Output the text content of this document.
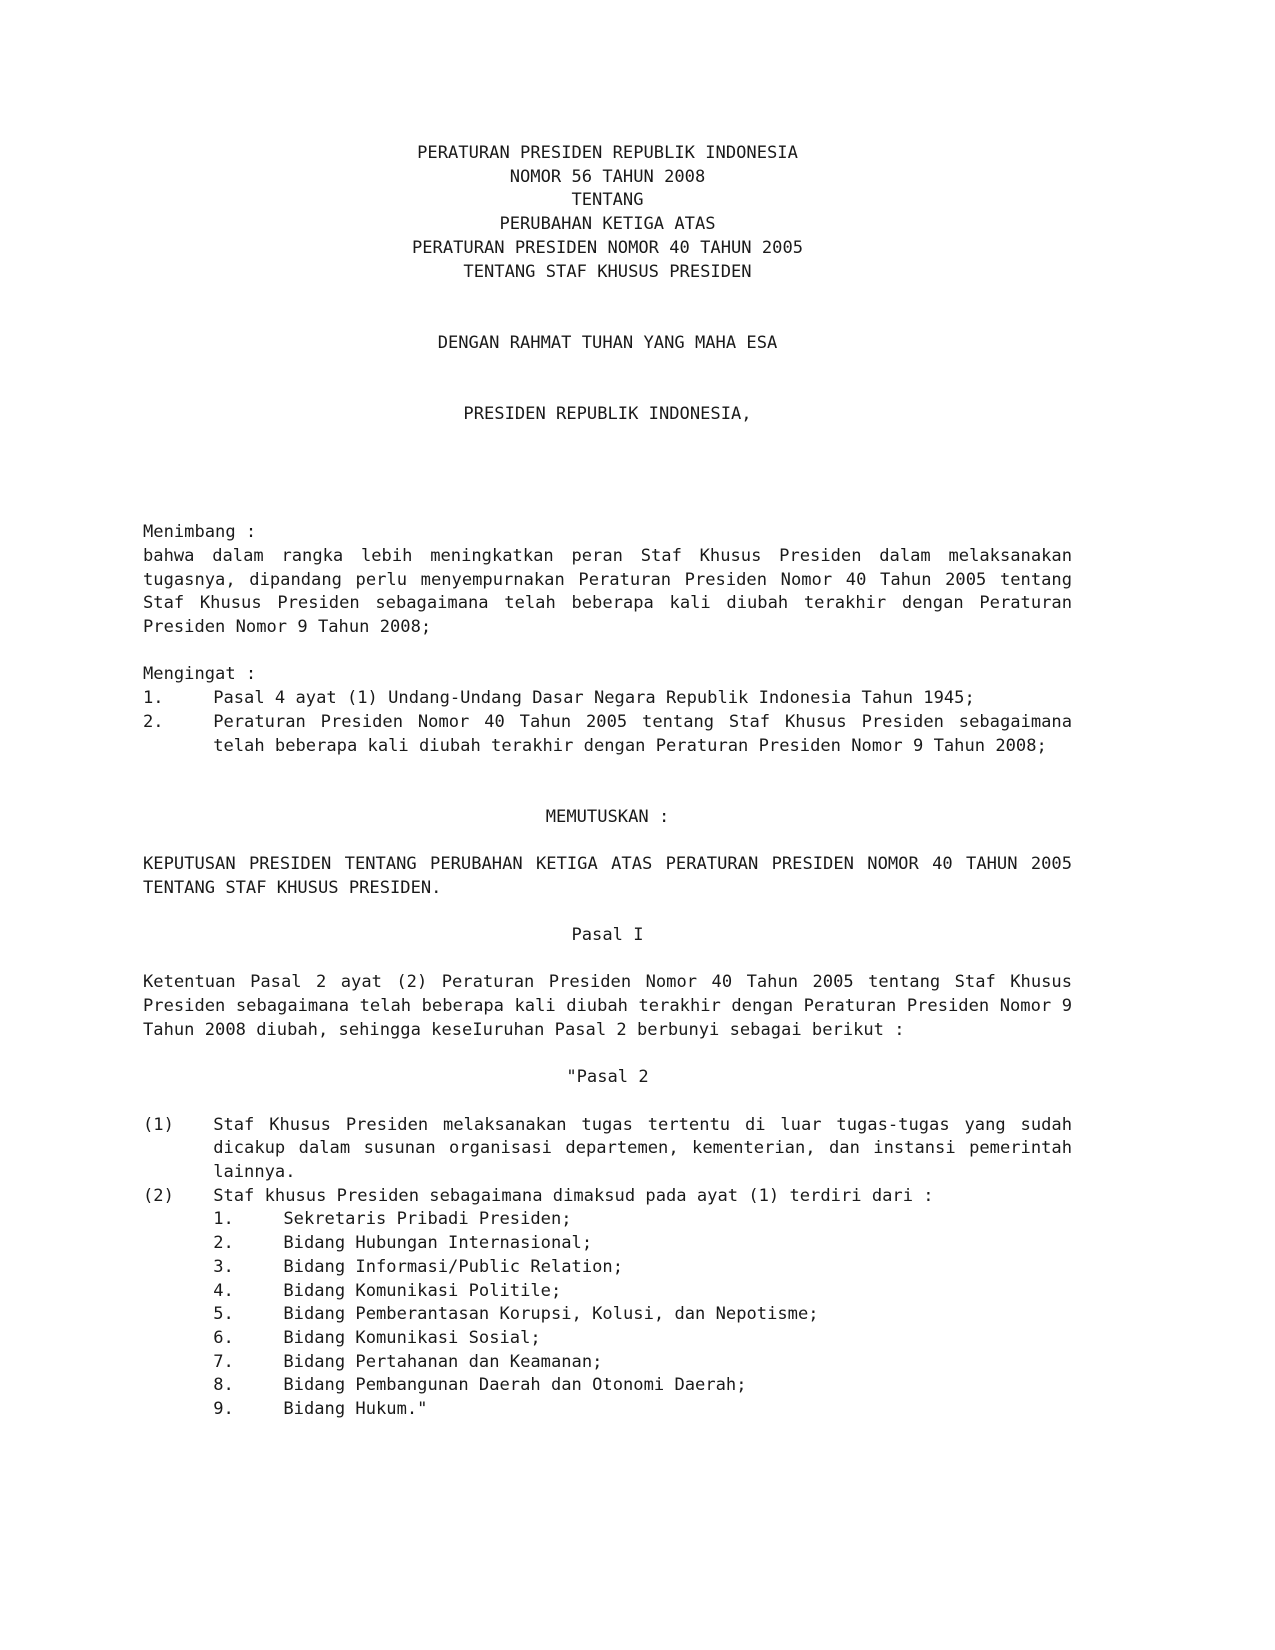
PERATURAN PRESIDEN REPUBLIK INDONESIA
NOMOR 56 TAHUN 2008
TENTANG
PERUBAHAN KETIGA ATAS
PERATURAN PRESIDEN NOMOR 40 TAHUN 2005
TENTANG STAF KHUSUS PRESIDEN
DENGAN RAHMAT TUHAN YANG MAHA ESA
PRESIDEN REPUBLIK INDONESIA,
Menimbang :
bahwa dalam rangka lebih meningkatkan peran Staf Khusus Presiden dalam melaksanakan tugasnya, dipandang perlu menyempurnakan Peraturan Presiden Nomor 40 Tahun 2005 tentang Staf Khusus Presiden sebagaimana telah beberapa kali diubah terakhir dengan Peraturan Presiden Nomor 9 Tahun 2008;
Mengingat :
1.	Pasal 4 ayat (1) Undang-Undang Dasar Negara Republik Indonesia Tahun 1945;
2.	Peraturan Presiden Nomor 40 Tahun 2005 tentang Staf Khusus Presiden sebagaimana telah beberapa kali diubah terakhir dengan Peraturan Presiden Nomor 9 Tahun 2008;
MEMUTUSKAN :
KEPUTUSAN PRESIDEN TENTANG PERUBAHAN KETIGA ATAS PERATURAN PRESIDEN NOMOR 40 TAHUN 2005 TENTANG STAF KHUSUS PRESIDEN.
Pasal I
Ketentuan Pasal 2 ayat (2) Peraturan Presiden Nomor 40 Tahun 2005 tentang Staf Khusus Presiden sebagaimana telah beberapa kali diubah terakhir dengan Peraturan Presiden Nomor 9 Tahun 2008 diubah, sehingga keseIuruhan Pasal 2 berbunyi sebagai berikut :
"Pasal 2
(1)	Staf Khusus Presiden melaksanakan tugas tertentu di luar tugas-tugas yang sudah dicakup dalam susunan organisasi departemen, kementerian, dan instansi pemerintah lainnya.
(2)	Staf khusus Presiden sebagaimana dimaksud pada ayat (1) terdiri dari :
1.	Sekretaris Pribadi Presiden;
2.	Bidang Hubungan Internasional;
3.	Bidang Informasi/Public Relation;
4.	Bidang Komunikasi Politile;
5.	Bidang Pemberantasan Korupsi, Kolusi, dan Nepotisme;
6.	Bidang Komunikasi Sosial;
7.	Bidang Pertahanan dan Keamanan;
8.	Bidang Pembangunan Daerah dan Otonomi Daerah;
9.	Bidang Hukum."
